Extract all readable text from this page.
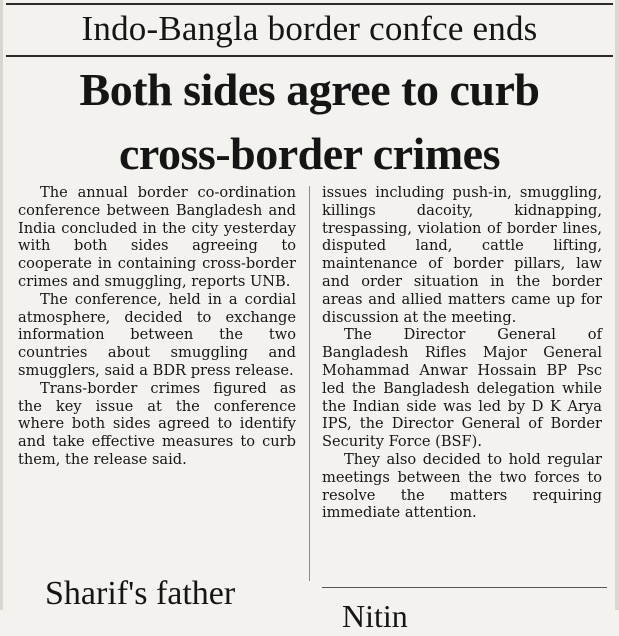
Indo-Bangla border confce ends
Both sides agree to curb
cross-border crimes

The annual border co-ordination conference between Bangladesh and India concluded in the city yesterday with both sides agreeing to cooperate in containing cross-border crimes and smuggling, reports UNB.

The conference, held in a cordial atmosphere, decided to exchange information between the two countries about smuggling and smugglers, said a BDR press release.

Trans-border crimes figured as the key issue at the conference where both sides agreed to identify and take effective measures to curb them, the release said.

issues including push-in, smuggling, killings dacoity, kidnapping, trespassing, violation of border lines, disputed land, cattle lifting, maintenance of border pillars, law and order situation in the border areas and allied matters came up for discussion at the meeting.

The Director General of Bangladesh Rifles Major General Mohammad Anwar Hossain BP Psc led the Bangladesh delegation while the Indian side was led by D K Arya IPS, the Director General of Border Security Force (BSF).

They also decided to hold regular meetings between the two forces to resolve the matters requiring immediate attention.

Sharif's father
Nitin
